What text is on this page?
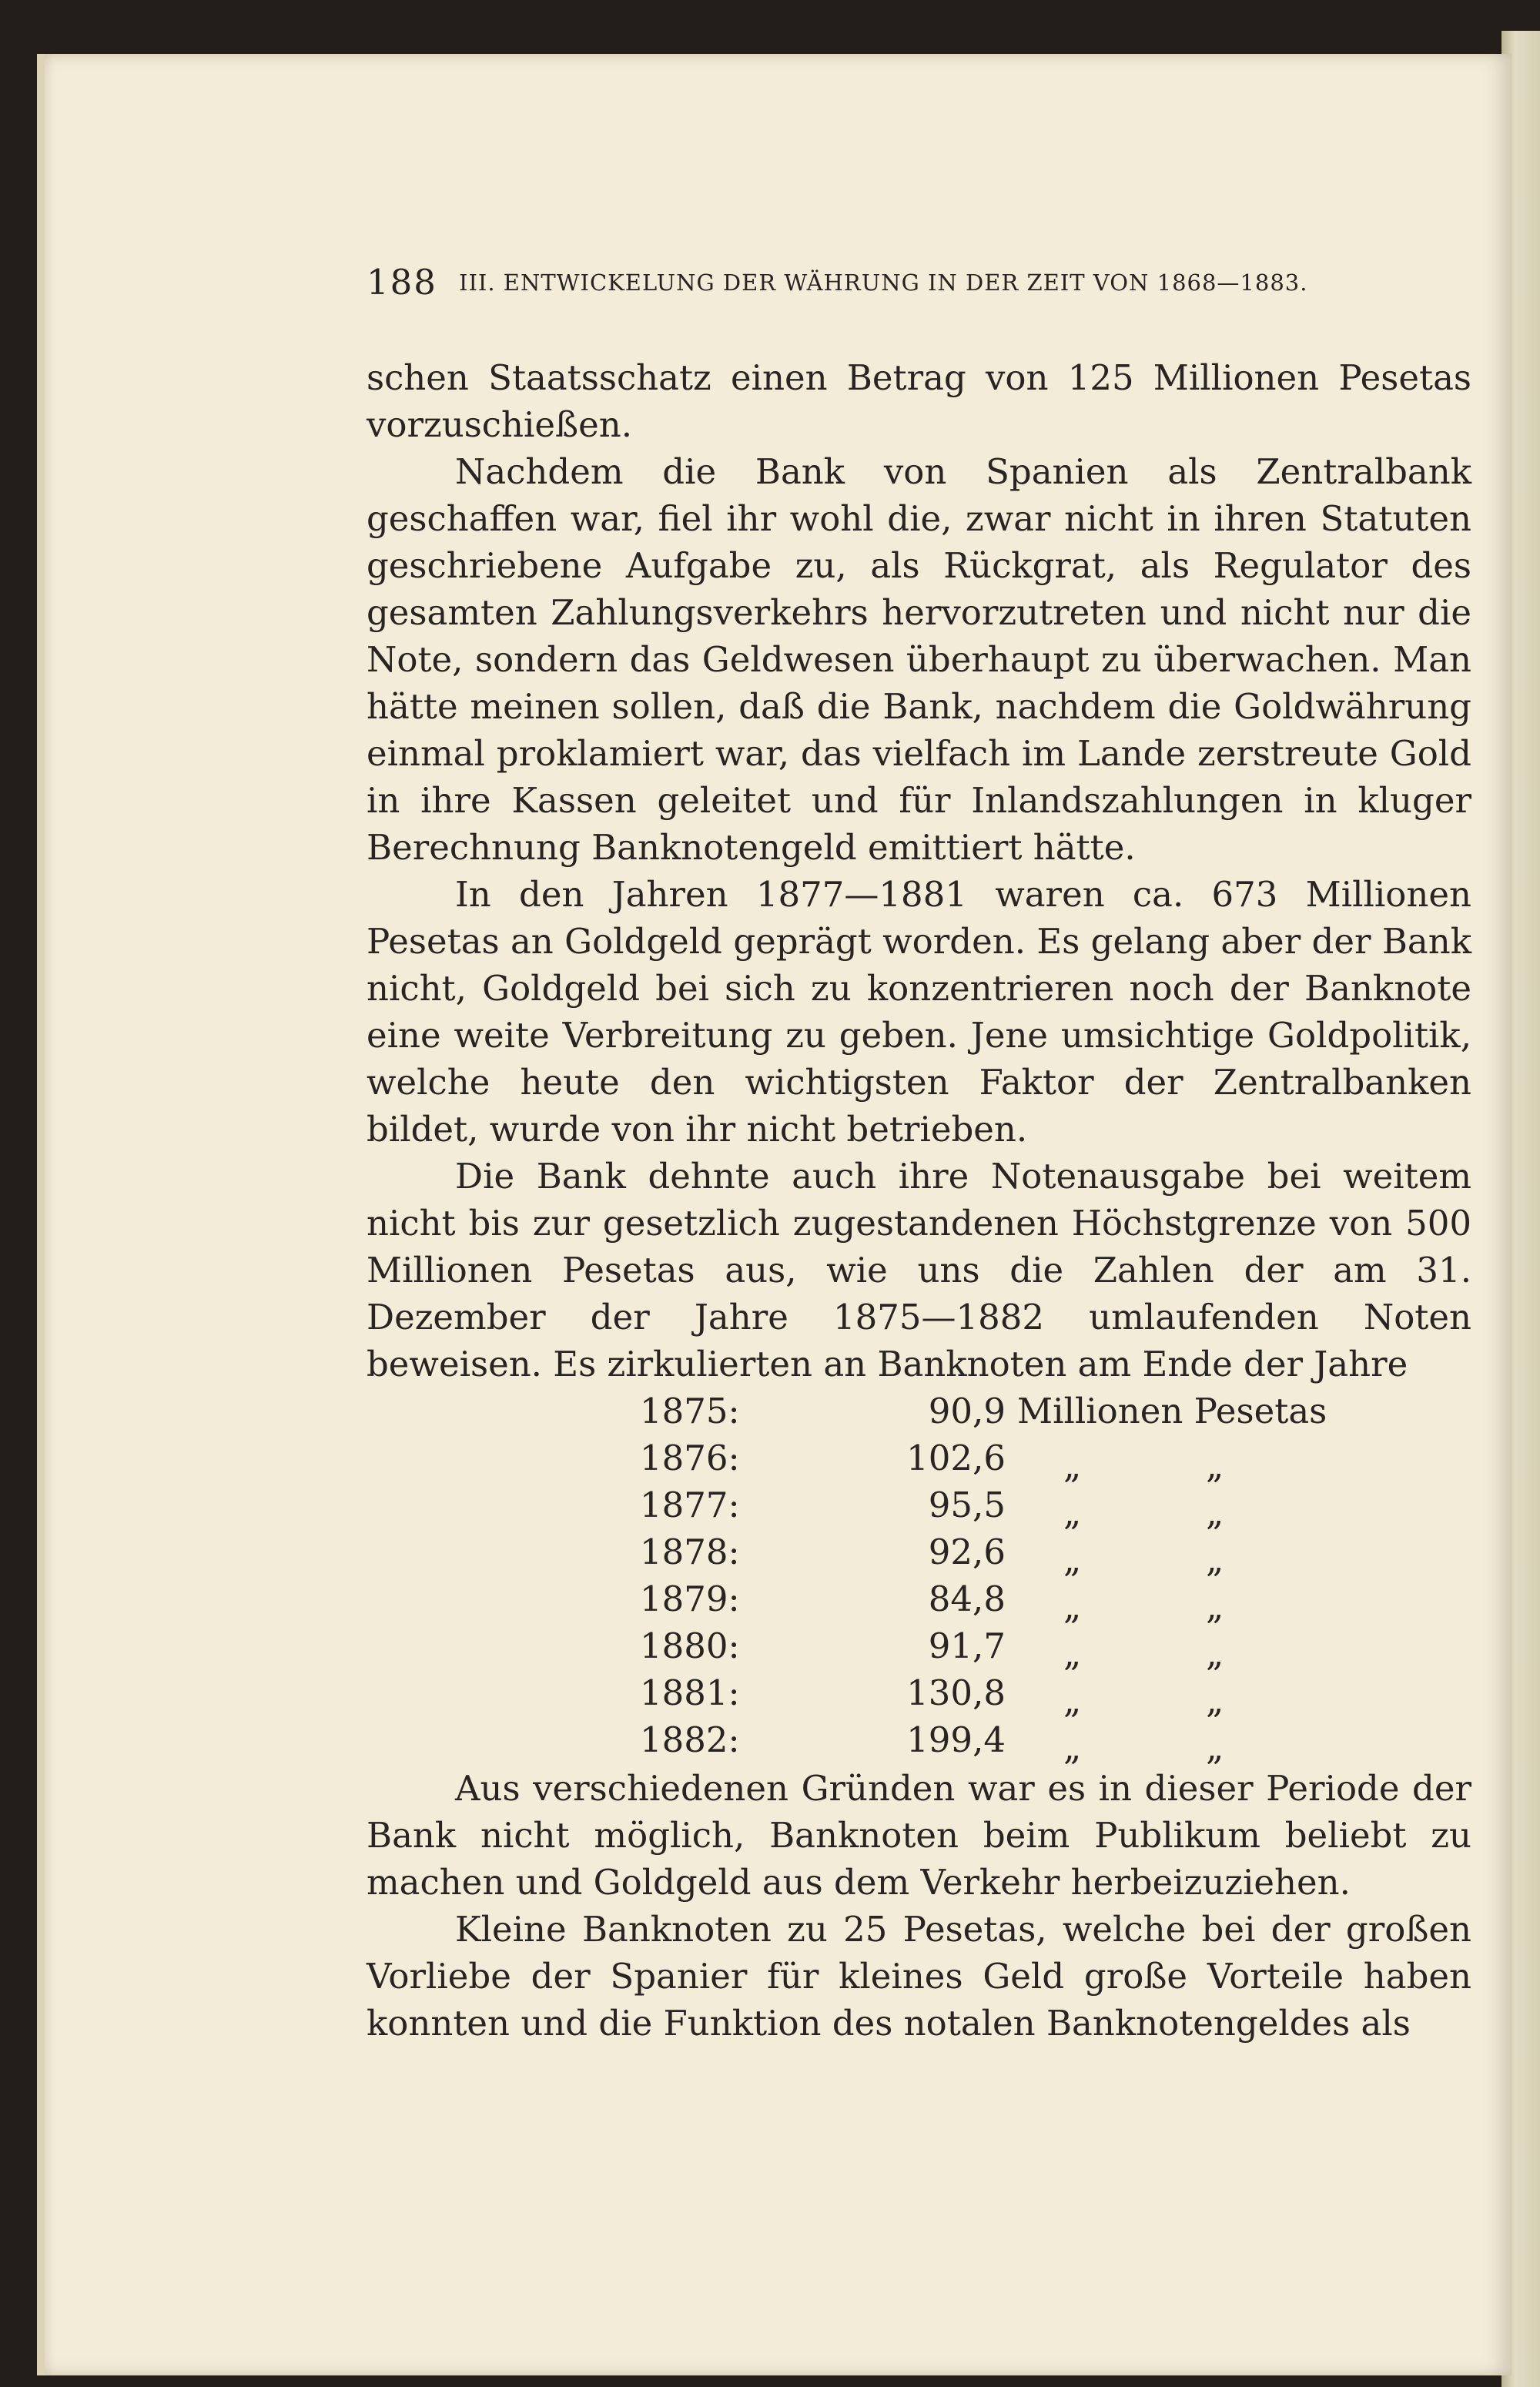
188 III. ENTWICKELUNG DER WÄHRUNG IN DER ZEIT VON 1868—1883.

schen Staatsschatz einen Betrag von 125 Millionen Pesetas vorzuschießen.

Nachdem die Bank von Spanien als Zentralbank geschaffen war, fiel ihr wohl die, zwar nicht in ihren Statuten geschriebene Aufgabe zu, als Rückgrat, als Regulator des gesamten Zahlungsverkehrs hervorzutreten und nicht nur die Note, sondern das Geldwesen überhaupt zu überwachen. Man hätte meinen sollen, daß die Bank, nachdem die Goldwährung einmal proklamiert war, das vielfach im Lande zerstreute Gold in ihre Kassen geleitet und für Inlandszahlungen in kluger Berechnung Banknotengeld emittiert hätte.

In den Jahren 1877—1881 waren ca. 673 Millionen Pesetas an Goldgeld geprägt worden. Es gelang aber der Bank nicht, Goldgeld bei sich zu konzentrieren noch der Banknote eine weite Verbreitung zu geben. Jene umsichtige Goldpolitik, welche heute den wichtigsten Faktor der Zentralbanken bildet, wurde von ihr nicht betrieben.

Die Bank dehnte auch ihre Notenausgabe bei weitem nicht bis zur gesetzlich zugestandenen Höchstgrenze von 500 Millionen Pesetas aus, wie uns die Zahlen der am 31. Dezember der Jahre 1875—1882 umlaufenden Noten beweisen. Es zirkulierten an Banknoten am Ende der Jahre

1875:	90,9 Millionen Pesetas
1876:	102,6 „	„
1877:	95,5 „	„
1878:	92,6 „	„
1879:	84,8 „	„
1880:	91,7 „	„
1881:	130,8 „	„
1882:	199,4 „	„

Aus verschiedenen Gründen war es in dieser Periode der Bank nicht möglich, Banknoten beim Publikum beliebt zu machen und Goldgeld aus dem Verkehr herbeizuziehen.

Kleine Banknoten zu 25 Pesetas, welche bei der großen Vorliebe der Spanier für kleines Geld große Vorteile haben konnten und die Funktion des notalen Banknotengeldes als
